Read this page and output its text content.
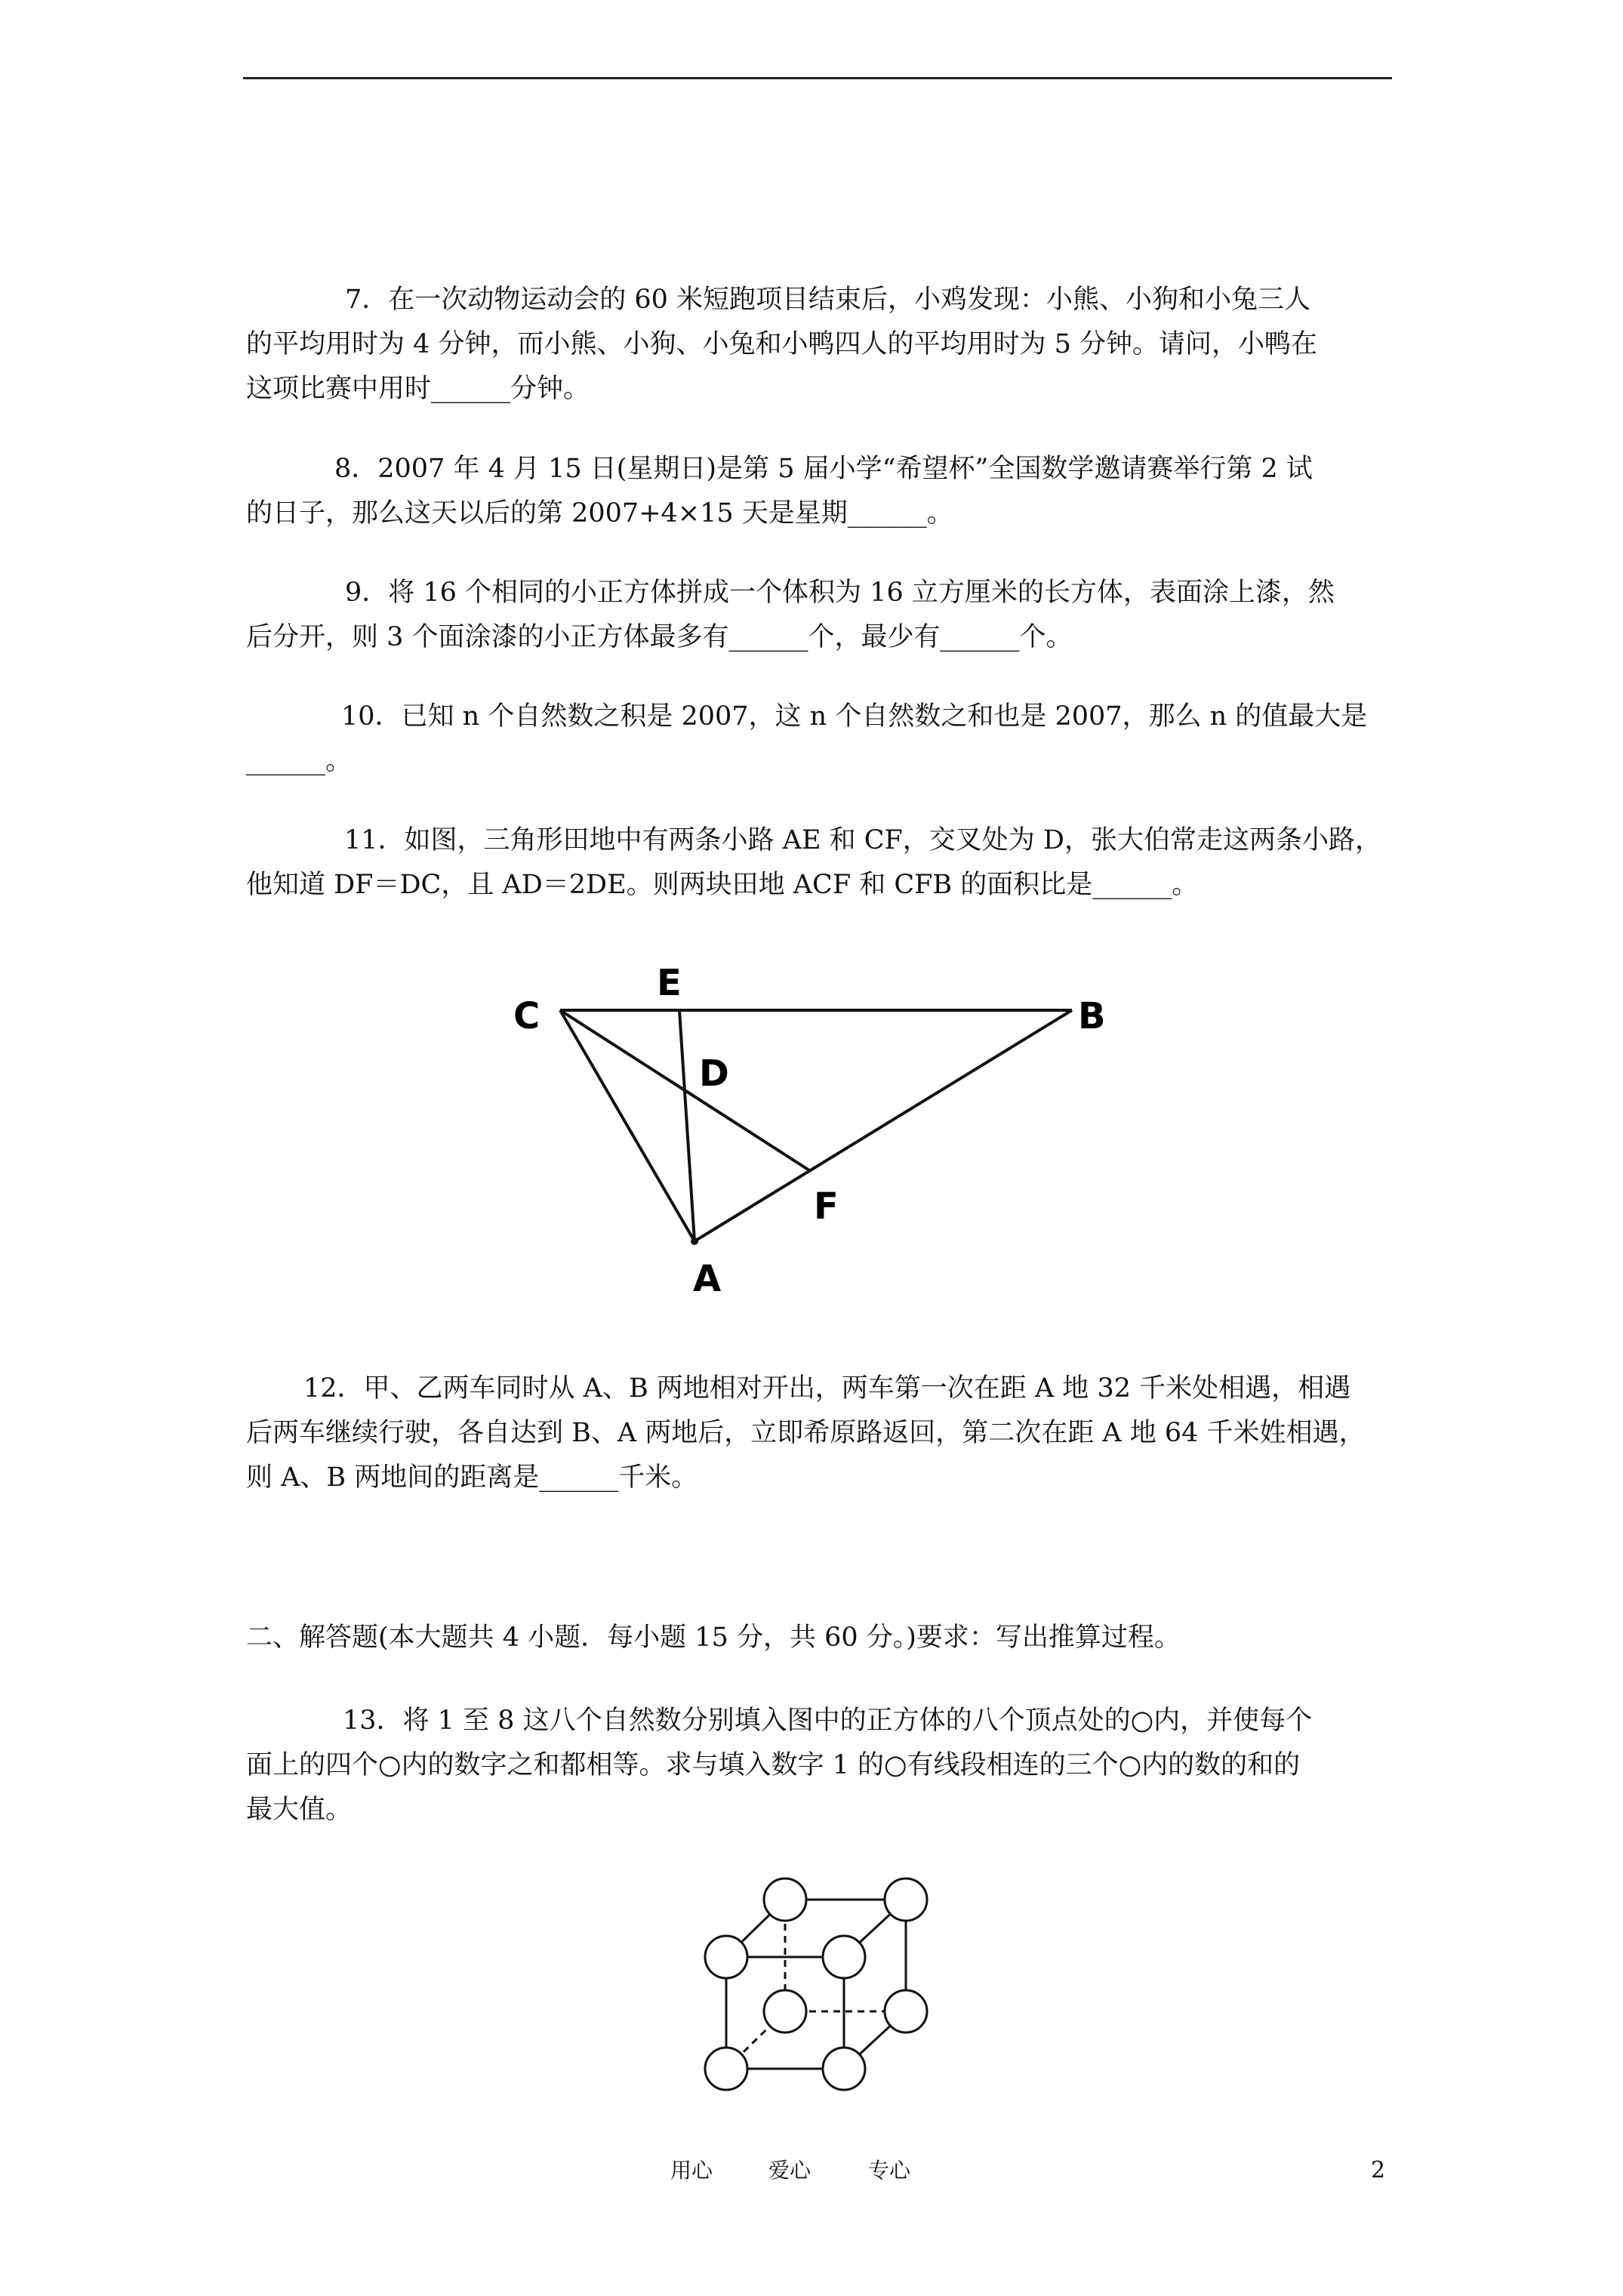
7．在一次动物运动会的 60 米短跑项目结束后，小鸡发现：小熊、小狗和小兔三人

的平均用时为 4 分钟，而小熊、小狗、小兔和小鸭四人的平均用时为 5 分钟。请问，小鸭在

这项比赛中用时______分钟。

8．2007 年 4 月 15 日(星期日)是第 5 届小学“希望杯”全国数学邀请赛举行第 2 试

的日子，那么这天以后的第 2007+4×15 天是星期______。

9．将 16 个相同的小正方体拼成一个体积为 16 立方厘米的长方体，表面涂上漆，然

后分开，则 3 个面涂漆的小正方体最多有______个，最少有______个。

10．已知 n 个自然数之积是 2007，这 n 个自然数之和也是 2007，那么 n 的值最大是

______。

11．如图，三角形田地中有两条小路 AE 和 CF，交叉处为 D，张大伯常走这两条小路，

他知道 DF＝DC，且 AD＝2DE。则两块田地 ACF 和 CFB 的面积比是______。

C
E
B
D
F
A

12．甲、乙两车同时从 A、B 两地相对开出，两车第一次在距 A 地 32 千米处相遇，相遇

后两车继续行驶，各自达到 B、A 两地后，立即希原路返回，第二次在距 A 地 64 千米姓相遇，

则 A、B 两地间的距离是______千米。

二、解答题(本大题共 4 小题．每小题 15 分，共 60 分。)要求：写出推算过程。

13．将 1 至 8 这八个自然数分别填入图中的正方体的八个顶点处的○内，并使每个

面上的四个○内的数字之和都相等。求与填入数字 1 的○有线段相连的三个○内的数的和的

最大值。

用心	爱心	专心	2
